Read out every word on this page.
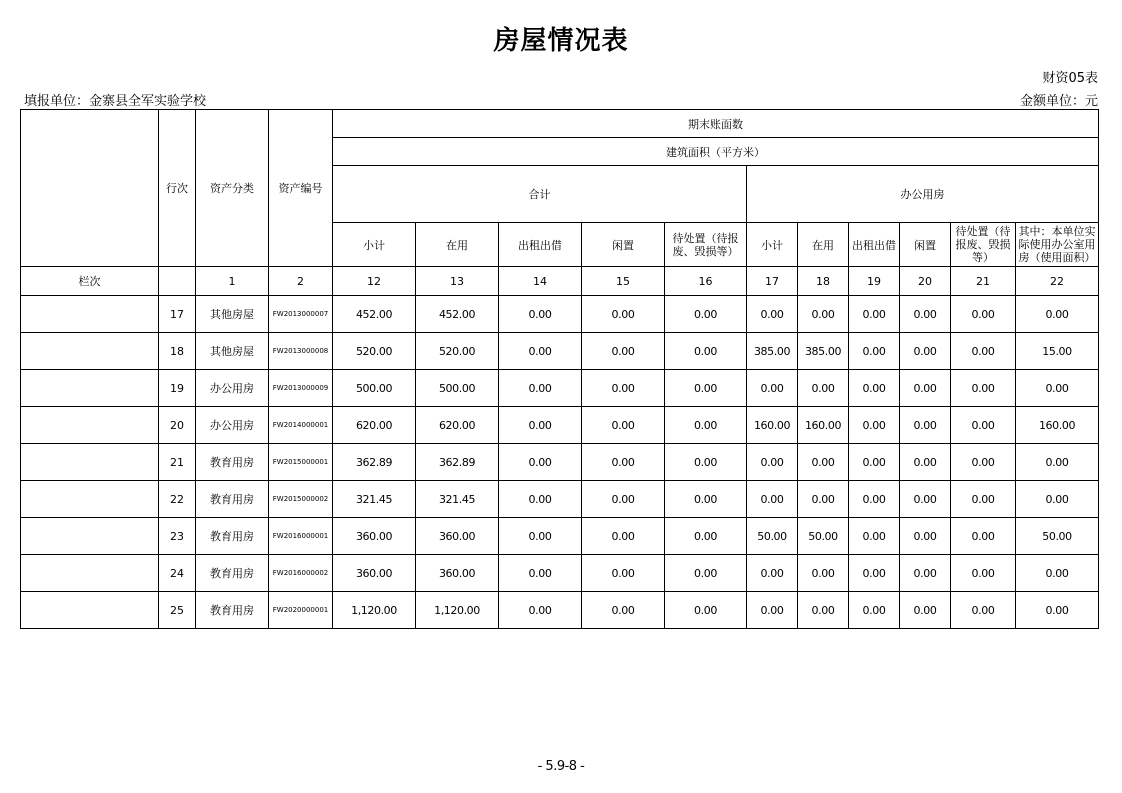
房屋情况表
财资05表
填报单位：金寨县全军实验学校	金额单位：元
	行次	资产分类	资产编号	期末账面数										
				建筑面积（平方米）										
				合计					办公用房					

				小计	在用	出租出借	闲置	待处置（待报废、毁损等）	小计	在用	出租出借	闲置	待处置（待报废、毁损等）	其中：本单位实际使用办公室用房（使用面积）
栏次		1	2	12	13	14	15	16	17	18	19	20	21	22
	17	其他房屋	FW2013000007	452.00	452.00	0.00	0.00	0.00	0.00	0.00	0.00	0.00	0.00	0.00
	18	其他房屋	FW2013000008	520.00	520.00	0.00	0.00	0.00	385.00	385.00	0.00	0.00	0.00	15.00
	19	办公用房	FW2013000009	500.00	500.00	0.00	0.00	0.00	0.00	0.00	0.00	0.00	0.00	0.00
	20	办公用房	FW2014000001	620.00	620.00	0.00	0.00	0.00	160.00	160.00	0.00	0.00	0.00	160.00
	21	教育用房	FW2015000001	362.89	362.89	0.00	0.00	0.00	0.00	0.00	0.00	0.00	0.00	0.00
	22	教育用房	FW2015000002	321.45	321.45	0.00	0.00	0.00	0.00	0.00	0.00	0.00	0.00	0.00
	23	教育用房	FW2016000001	360.00	360.00	0.00	0.00	0.00	50.00	50.00	0.00	0.00	0.00	50.00
	24	教育用房	FW2016000002	360.00	360.00	0.00	0.00	0.00	0.00	0.00	0.00	0.00	0.00	0.00
	25	教育用房	FW2020000001	1,120.00	1,120.00	0.00	0.00	0.00	0.00	0.00	0.00	0.00	0.00	0.00
- 5.9-8 -
